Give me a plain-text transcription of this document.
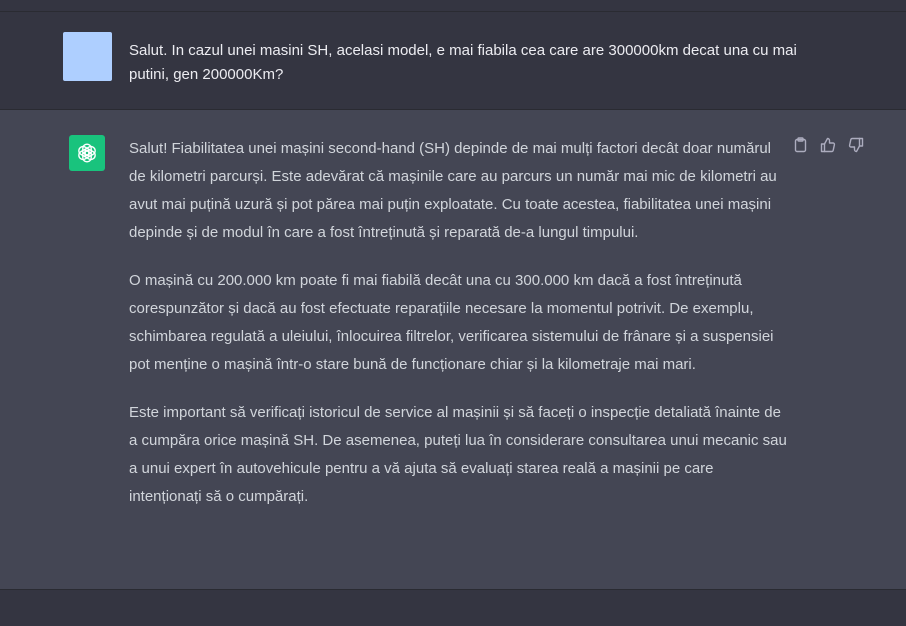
Salut. In cazul unei masini SH, acelasi model, e mai fiabila cea care are 300000km decat una cu mai putini, gen 200000Km?

Salut! Fiabilitatea unei mașini second-hand (SH) depinde de mai mulți factori decât doar numărul de kilometri parcurși. Este adevărat că mașinile care au parcurs un număr mai mic de kilometri au avut mai puțină uzură și pot părea mai puțin exploatate. Cu toate acestea, fiabilitatea unei mașini depinde și de modul în care a fost întreținută și reparată de-a lungul timpului.

O mașină cu 200.000 km poate fi mai fiabilă decât una cu 300.000 km dacă a fost întreținută corespunzător și dacă au fost efectuate reparațiile necesare la momentul potrivit. De exemplu, schimbarea regulată a uleiului, înlocuirea filtrelor, verificarea sistemului de frânare și a suspensiei pot menține o mașină într-o stare bună de funcționare chiar și la kilometraje mai mari.

Este important să verificați istoricul de service al mașinii și să faceți o inspecție detaliată înainte de a cumpăra orice mașină SH. De asemenea, puteți lua în considerare consultarea unui mecanic sau a unui expert în autovehicule pentru a vă ajuta să evaluați starea reală a mașinii pe care intenționați să o cumpărați.
